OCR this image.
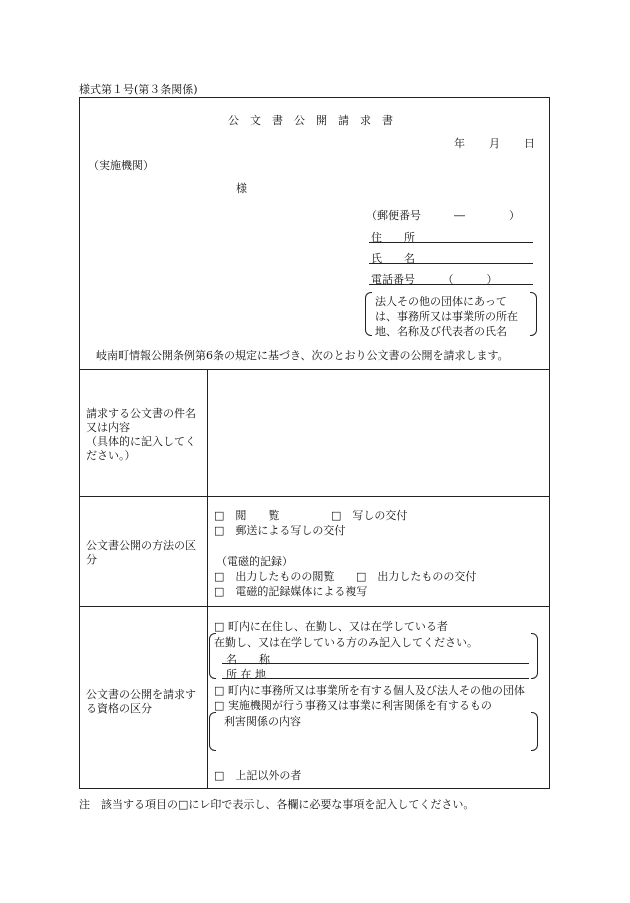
様式第１号(第３条関係)
公　文　書　公　開　請　求　書
年 月 日
（実施機関）
様
（郵便番号　　　―　　　　）
住　　所
氏　　名
電話番号　　　（　　　）
法人その他の団体にあって
は、事務所又は事業所の所在
地、名称及び代表者の氏名
岐南町情報公開条例第6条の規定に基づき、次のとおり公文書の公開を請求します。
請求する公文書の件名
又は内容
（具体的に記入してく
ださい。）
公文書公開の方法の区
分
□　閲　　覧	□　写しの交付
□　郵送による写しの交付
（電磁的記録）
□　出力したものの閲覧 □　出力したものの交付
□　電磁的記録媒体による複写
公文書の公開を請求す
る資格の区分
□ 町内に在住し、在勤し、又は在学している者
在勤し、又は在学している方のみ記入してください。
名　　称
所 在 地
□ 町内に事務所又は事業所を有する個人及び法人その他の団体
□ 実施機関が行う事務又は事業に利害関係を有するもの
利害関係の内容
□　上記以外の者
注　該当する項目の□にレ印で表示し、各欄に必要な事項を記入してください。
